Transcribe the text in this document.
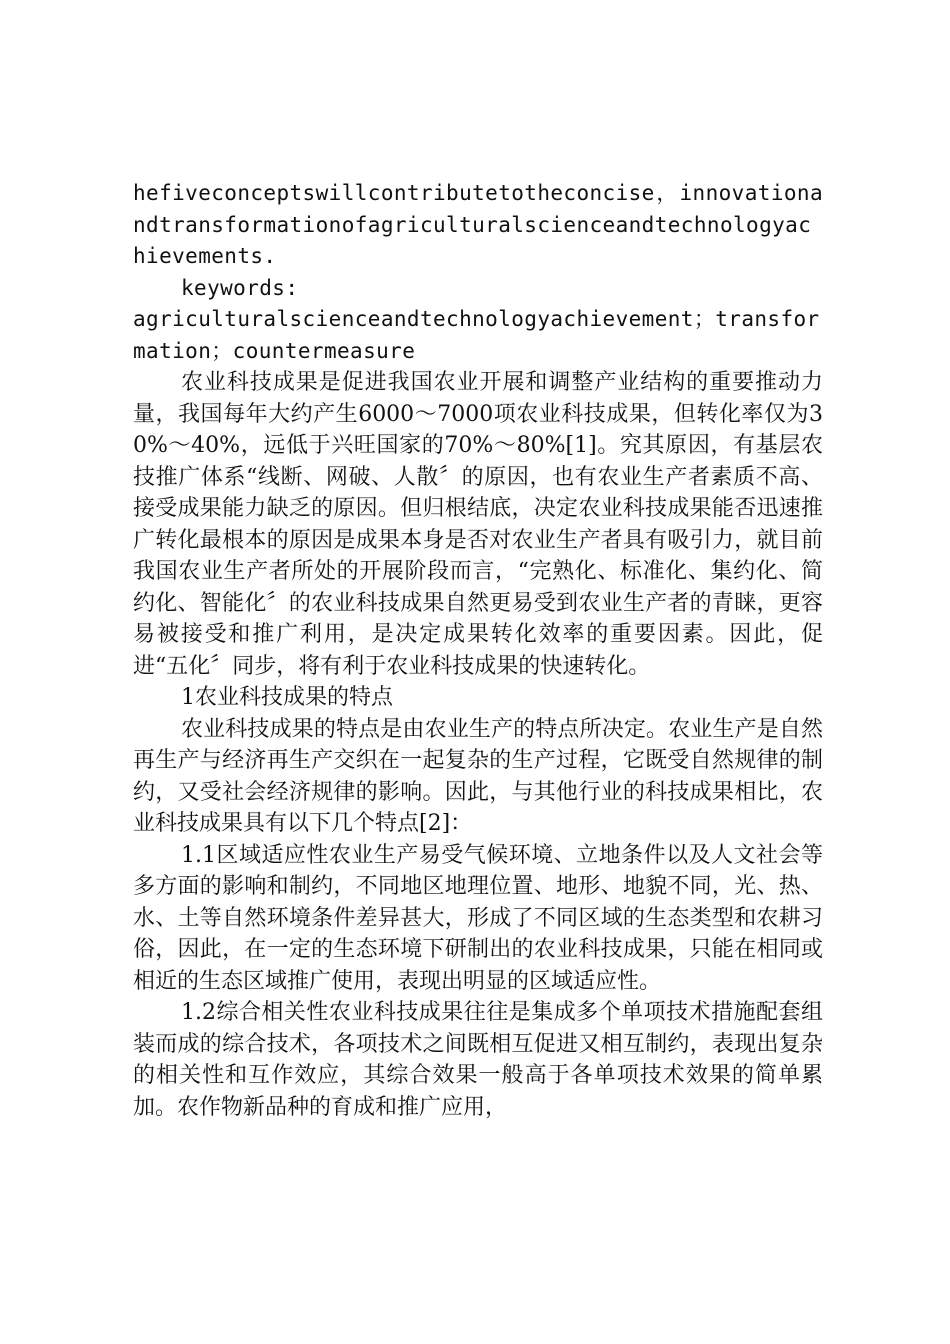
hefiveconceptswillcontributetotheconcise，innovationandtransformationofagriculturalscienceandtechnologyachievements.

keywords:

agriculturalscienceandtechnologyachievement；transformation；countermeasure

农业科技成果是促进我国农业开展和调整产业结构的重要推动力量，我国每年大约产生6000～7000项农业科技成果，但转化率仅为30%～40%，远低于兴旺国家的70%～80%[1]。究其原因，有基层农技推广体系“线断、网破、人散〞的原因，也有农业生产者素质不高、接受成果能力缺乏的原因。但归根结底，决定农业科技成果能否迅速推广转化最根本的原因是成果本身是否对农业生产者具有吸引力，就目前我国农业生产者所处的开展阶段而言，“完熟化、标准化、集约化、简约化、智能化〞的农业科技成果自然更易受到农业生产者的青睐，更容易被接受和推广利用，是决定成果转化效率的重要因素。因此，促进“五化〞同步，将有利于农业科技成果的快速转化。

1农业科技成果的特点

农业科技成果的特点是由农业生产的特点所决定。农业生产是自然再生产与经济再生产交织在一起复杂的生产过程，它既受自然规律的制约，又受社会经济规律的影响。因此，与其他行业的科技成果相比，农业科技成果具有以下几个特点[2]：

1.1区域适应性农业生产易受气候环境、立地条件以及人文社会等多方面的影响和制约，不同地区地理位置、地形、地貌不同，光、热、水、土等自然环境条件差异甚大，形成了不同区域的生态类型和农耕习俗，因此，在一定的生态环境下研制出的农业科技成果，只能在相同或相近的生态区域推广使用，表现出明显的区域适应性。

1.2综合相关性农业科技成果往往是集成多个单项技术措施配套组装而成的综合技术，各项技术之间既相互促进又相互制约，表现出复杂的相关性和互作效应，其综合效果一般高于各单项技术效果的简单累加。农作物新品种的育成和推广应用，
